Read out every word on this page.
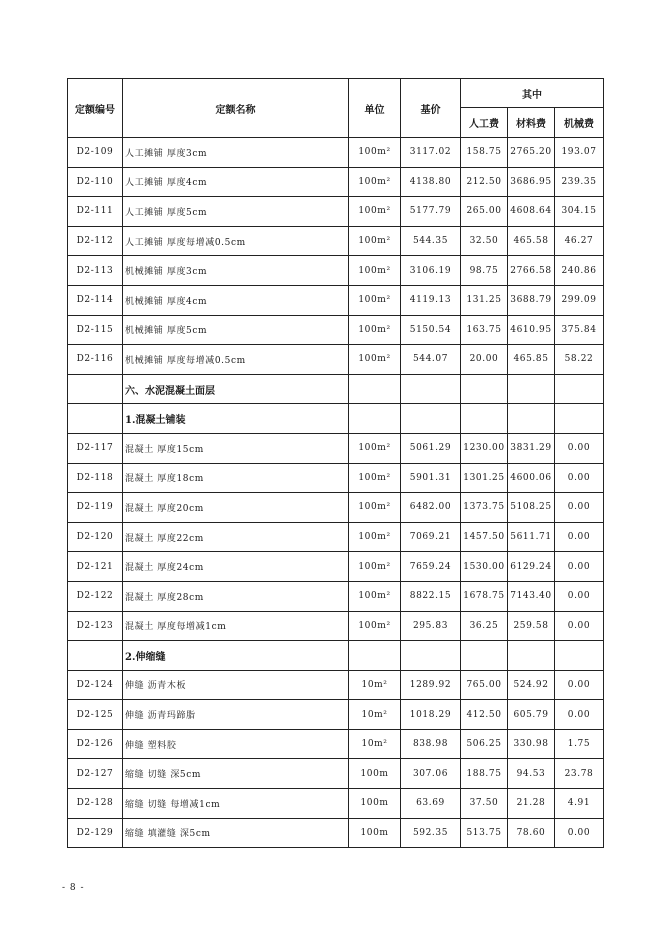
定额编号	定额名称	单位	基价	其中		
				人工费	材料费	机械费
D2-109	人工摊铺 厚度3cm	100m²	3117.02	158.75	2765.20	193.07
D2-110	人工摊铺 厚度4cm	100m²	4138.80	212.50	3686.95	239.35
D2-111	人工摊铺 厚度5cm	100m²	5177.79	265.00	4608.64	304.15
D2-112	人工摊铺 厚度每增减0.5cm	100m²	544.35	32.50	465.58	46.27
D2-113	机械摊铺 厚度3cm	100m²	3106.19	98.75	2766.58	240.86
D2-114	机械摊铺 厚度4cm	100m²	4119.13	131.25	3688.79	299.09
D2-115	机械摊铺 厚度5cm	100m²	5150.54	163.75	4610.95	375.84
D2-116	机械摊铺 厚度每增减0.5cm	100m²	544.07	20.00	465.85	58.22
	六、水泥混凝土面层					
	1.混凝土铺装					
D2-117	混凝土 厚度15cm	100m²	5061.29	1230.00	3831.29	0.00
D2-118	混凝土 厚度18cm	100m²	5901.31	1301.25	4600.06	0.00
D2-119	混凝土 厚度20cm	100m²	6482.00	1373.75	5108.25	0.00
D2-120	混凝土 厚度22cm	100m²	7069.21	1457.50	5611.71	0.00
D2-121	混凝土 厚度24cm	100m²	7659.24	1530.00	6129.24	0.00
D2-122	混凝土 厚度28cm	100m²	8822.15	1678.75	7143.40	0.00
D2-123	混凝土 厚度每增减1cm	100m²	295.83	36.25	259.58	0.00
	2.伸缩缝					
D2-124	伸缝 沥青木板	10m²	1289.92	765.00	524.92	0.00
D2-125	伸缝 沥青玛蹄脂	10m²	1018.29	412.50	605.79	0.00
D2-126	伸缝 塑料胶	10m²	838.98	506.25	330.98	1.75
D2-127	缩缝 切缝 深5cm	100m	307.06	188.75	94.53	23.78
D2-128	缩缝 切缝 每增减1cm	100m	63.69	37.50	21.28	4.91
D2-129	缩缝 填灌缝 深5cm	100m	592.35	513.75	78.60	0.00
- 8 -
